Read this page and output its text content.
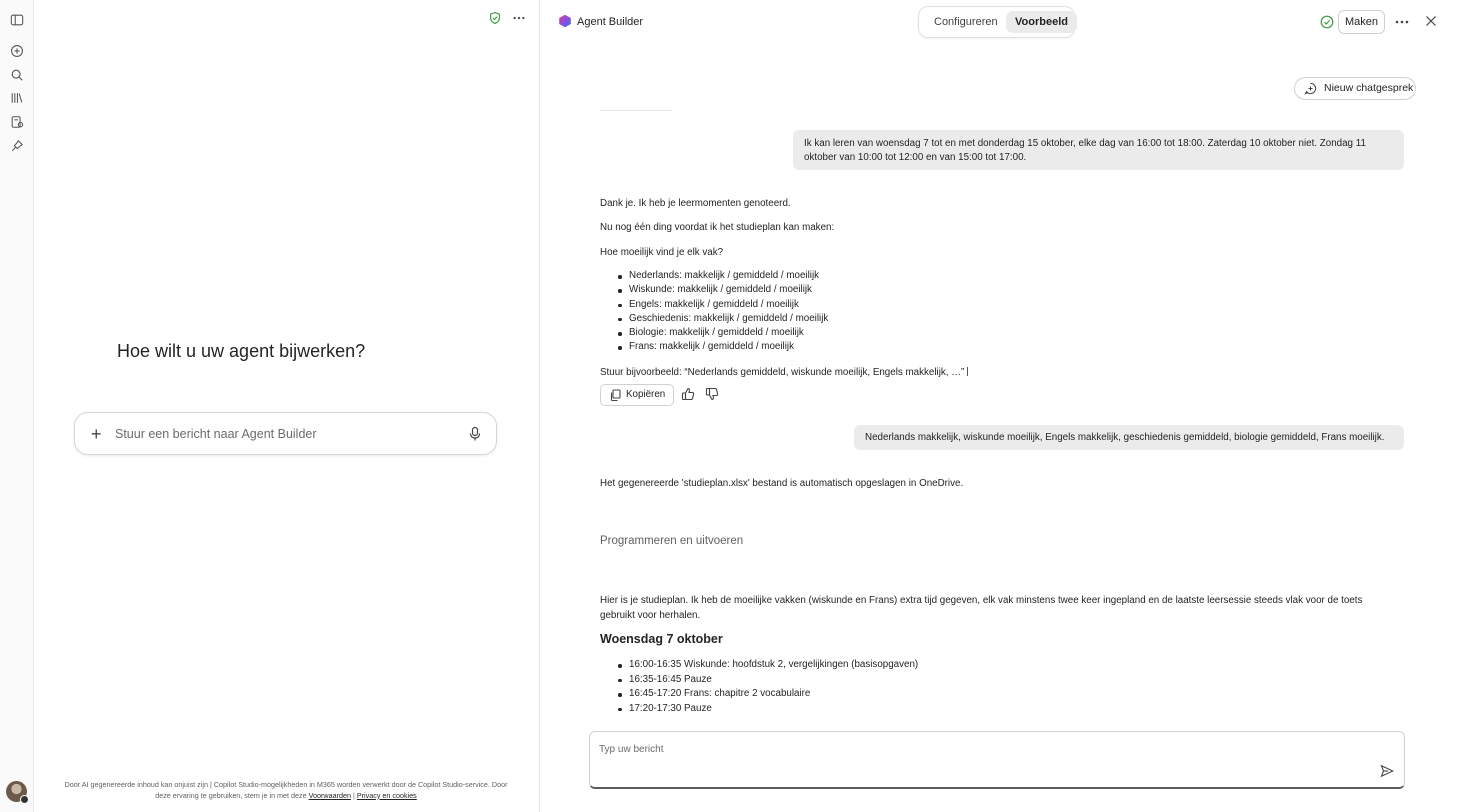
Hoe wilt u uw agent bijwerken?
+ Stuur een bericht naar Agent Builder
Door AI gegenereerde inhoud kan onjuist zijn | Copilot Studio-mogelijkheden in M365 worden verwerkt door de Copilot Studio-service. Door deze ervaring te gebruiken, stem je in met deze Voorwaarden | Privacy en cookies
Agent Builder	Configureren	Voorbeeld	Maken
Nieuw chatgesprek
Ik kan leren van woensdag 7 tot en met donderdag 15 oktober, elke dag van 16:00 tot 18:00. Zaterdag 10 oktober niet. Zondag 11 oktober van 10:00 tot 12:00 en van 15:00 tot 17:00.
Dank je. Ik heb je leermomenten genoteerd.
Nu nog één ding voordat ik het studieplan kan maken:
Hoe moeilijk vind je elk vak?
Nederlands: makkelijk / gemiddeld / moeilijk
Wiskunde: makkelijk / gemiddeld / moeilijk
Engels: makkelijk / gemiddeld / moeilijk
Geschiedenis: makkelijk / gemiddeld / moeilijk
Biologie: makkelijk / gemiddeld / moeilijk
Frans: makkelijk / gemiddeld / moeilijk
Stuur bijvoorbeeld: “Nederlands gemiddeld, wiskunde moeilijk, Engels makkelijk, …”
Kopiëren
Nederlands makkelijk, wiskunde moeilijk, Engels makkelijk, geschiedenis gemiddeld, biologie gemiddeld, Frans moeilijk.
Het gegenereerde 'studieplan.xlsx' bestand is automatisch opgeslagen in OneDrive.
Programmeren en uitvoeren
Hier is je studieplan. Ik heb de moeilijke vakken (wiskunde en Frans) extra tijd gegeven, elk vak minstens twee keer ingepland en de laatste leersessie steeds vlak voor de toets gebruikt voor herhalen.
Woensdag 7 oktober
16:00-16:35 Wiskunde: hoofdstuk 2, vergelijkingen (basisopgaven)
16:35-16:45 Pauze
16:45-17:20 Frans: chapitre 2 vocabulaire
17:20-17:30 Pauze
Typ uw bericht
